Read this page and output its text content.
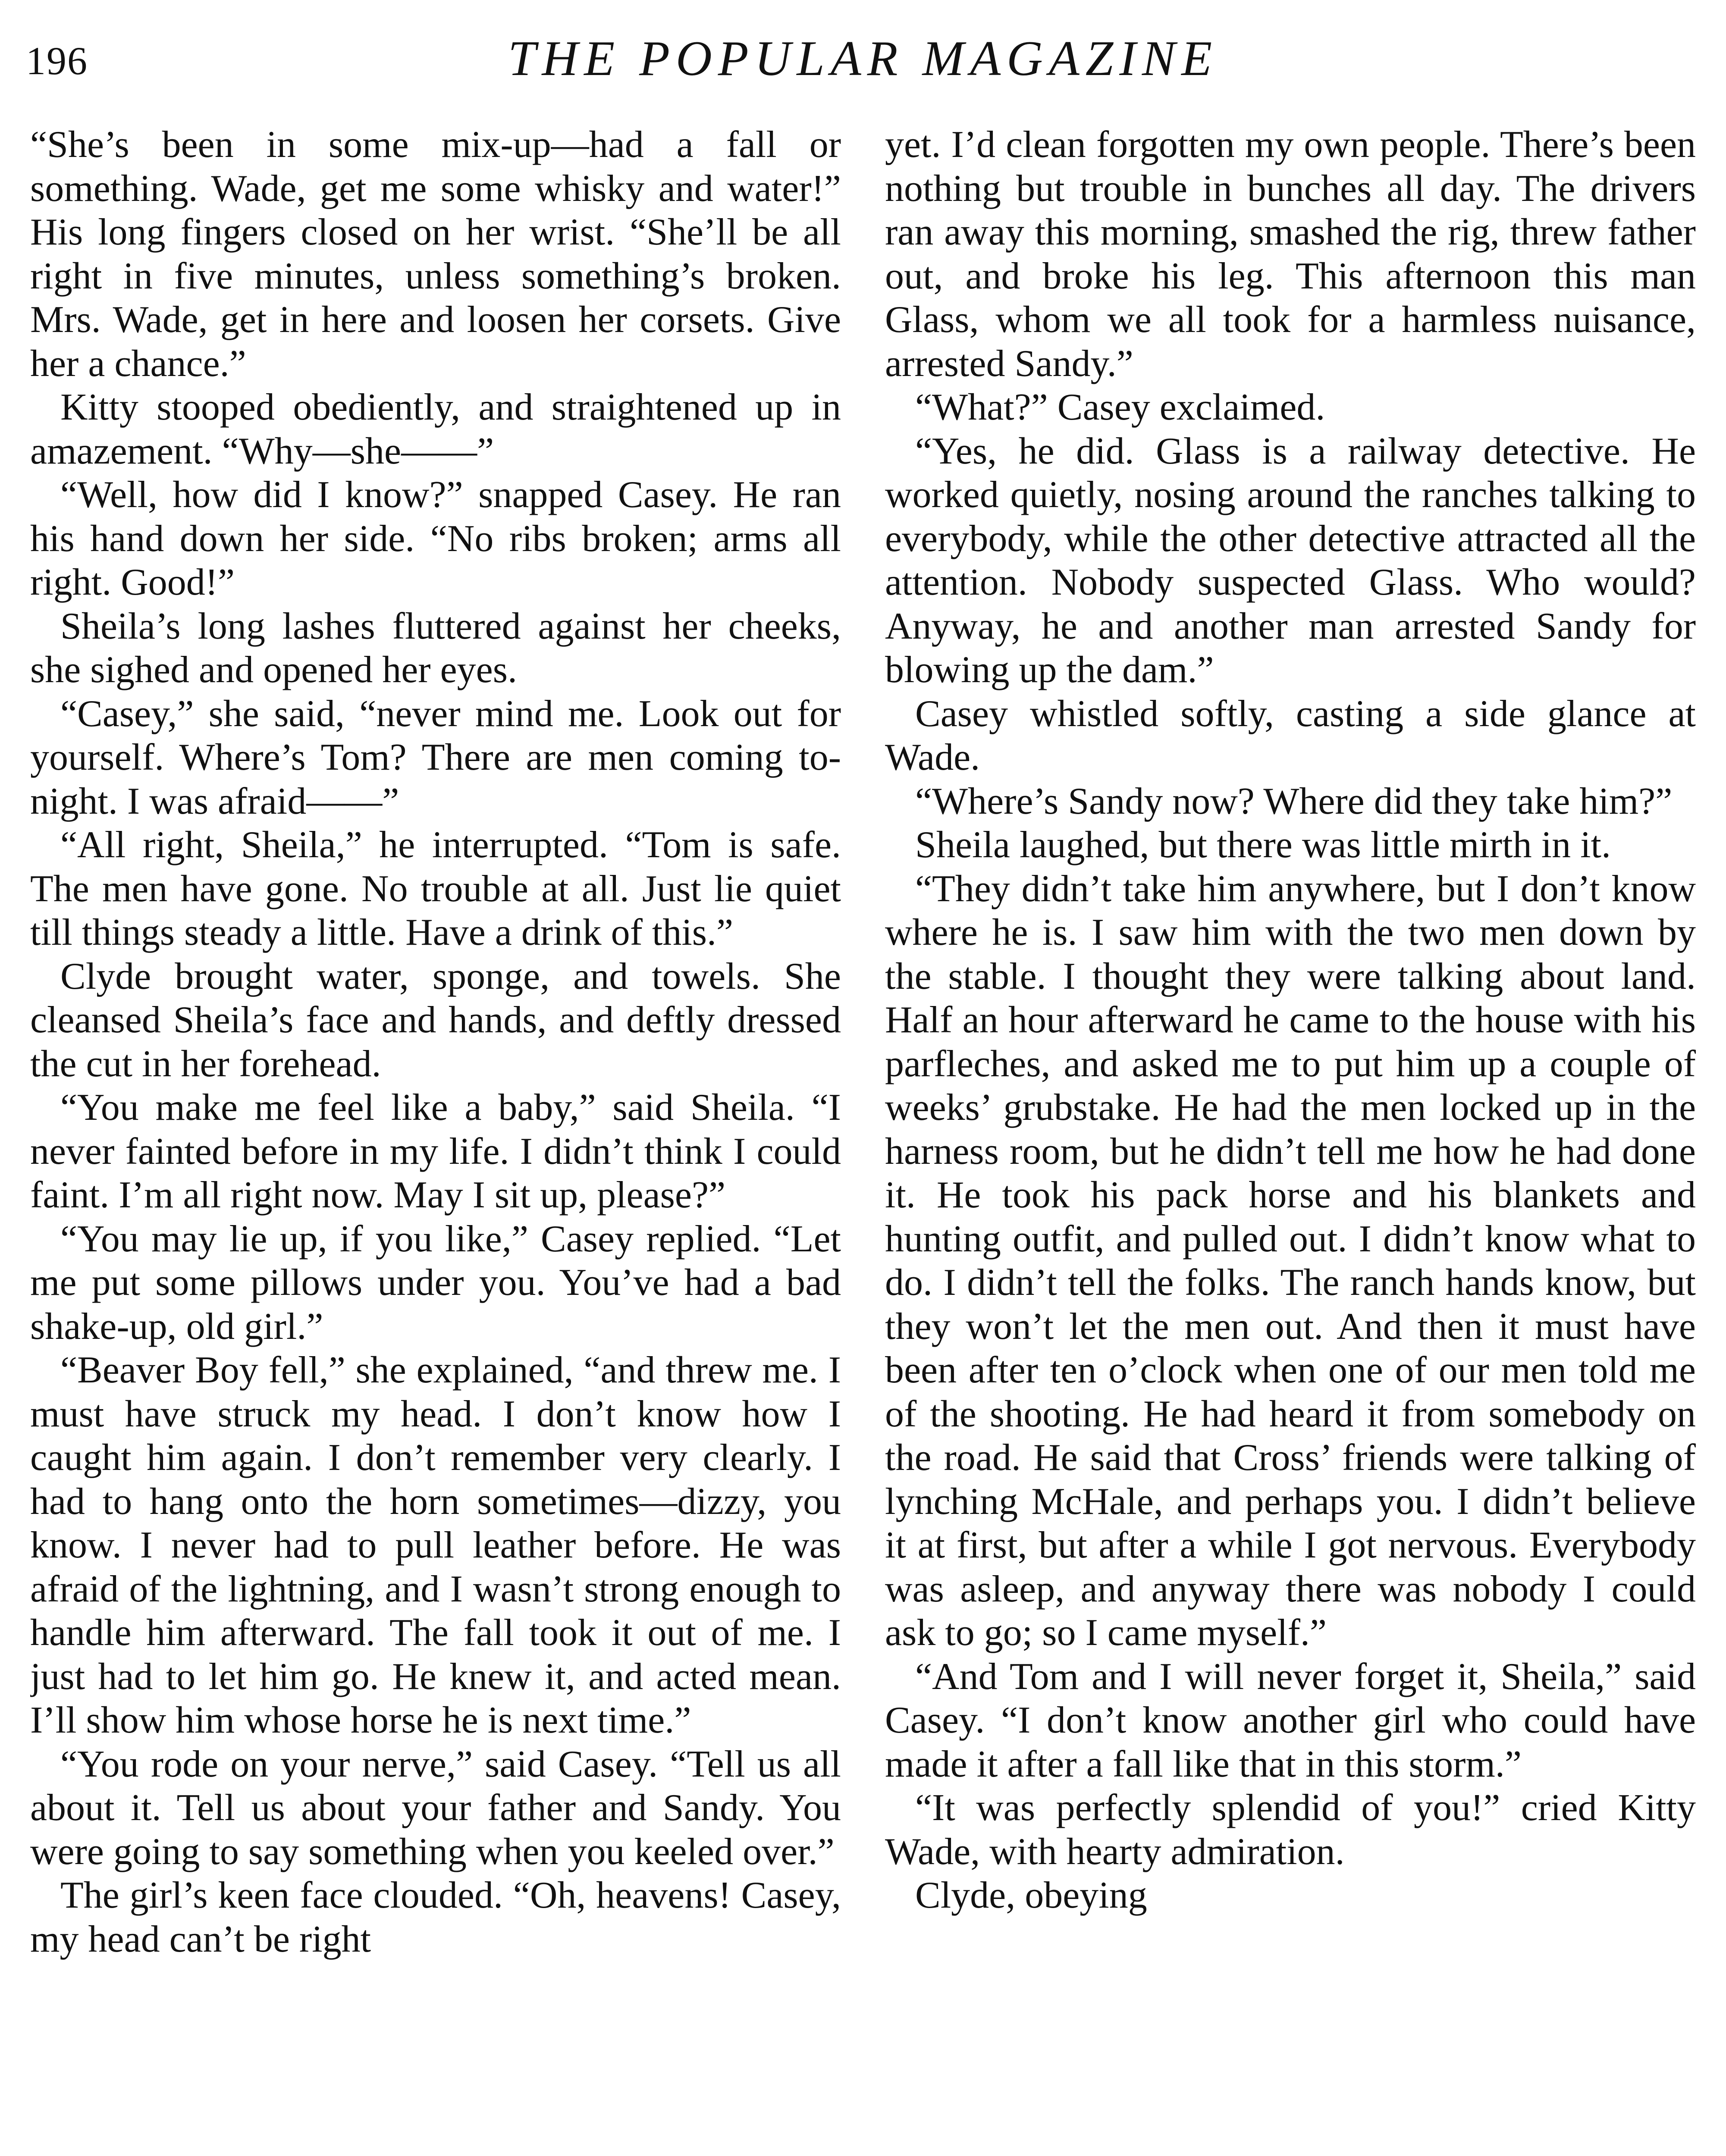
196	THE POPULAR MAGAZINE

“She’s been in some mix-up—had a fall or something. Wade, get me some whisky and water!” His long fingers closed on her wrist. “She’ll be all right in five minutes, unless something’s broken. Mrs. Wade, get in here and loosen her corsets. Give her a chance.”

Kitty stooped obediently, and straightened up in amazement. “Why—she——”

“Well, how did I know?” snapped Casey. He ran his hand down her side. “No ribs broken; arms all right. Good!”

Sheila’s long lashes fluttered against her cheeks, she sighed and opened her eyes.

“Casey,” she said, “never mind me. Look out for yourself. Where’s Tom? There are men coming to-night. I was afraid——”

“All right, Sheila,” he interrupted. “Tom is safe. The men have gone. No trouble at all. Just lie quiet till things steady a little. Have a drink of this.”

Clyde brought water, sponge, and towels. She cleansed Sheila’s face and hands, and deftly dressed the cut in her forehead.

“You make me feel like a baby,” said Sheila. “I never fainted before in my life. I didn’t think I could faint. I’m all right now. May I sit up, please?”

“You may lie up, if you like,” Casey replied. “Let me put some pillows under you. You’ve had a bad shake-up, old girl.”

“Beaver Boy fell,” she explained, “and threw me. I must have struck my head. I don’t know how I caught him again. I don’t remember very clearly. I had to hang onto the horn sometimes—dizzy, you know. I never had to pull leather before. He was afraid of the lightning, and I wasn’t strong enough to handle him afterward. The fall took it out of me. I just had to let him go. He knew it, and acted mean. I’ll show him whose horse he is next time.”

“You rode on your nerve,” said Casey. “Tell us all about it. Tell us about your father and Sandy. You were going to say something when you keeled over.”

The girl’s keen face clouded. “Oh, heavens! Casey, my head can’t be right

yet. I’d clean forgotten my own people. There’s been nothing but trouble in bunches all day. The drivers ran away this morning, smashed the rig, threw father out, and broke his leg. This afternoon this man Glass, whom we all took for a harmless nuisance, arrested Sandy.”

“What?” Casey exclaimed.

“Yes, he did. Glass is a railway detective. He worked quietly, nosing around the ranches talking to everybody, while the other detective attracted all the attention. Nobody suspected Glass. Who would? Anyway, he and another man arrested Sandy for blowing up the dam.”

Casey whistled softly, casting a side glance at Wade.

“Where’s Sandy now? Where did they take him?”

Sheila laughed, but there was little mirth in it.

“They didn’t take him anywhere, but I don’t know where he is. I saw him with the two men down by the stable. I thought they were talking about land. Half an hour afterward he came to the house with his parfleches, and asked me to put him up a couple of weeks’ grubstake. He had the men locked up in the harness room, but he didn’t tell me how he had done it. He took his pack horse and his blankets and hunting outfit, and pulled out. I didn’t know what to do. I didn’t tell the folks. The ranch hands know, but they won’t let the men out. And then it must have been after ten o’clock when one of our men told me of the shooting. He had heard it from somebody on the road. He said that Cross’ friends were talking of lynching McHale, and perhaps you. I didn’t believe it at first, but after a while I got nervous. Everybody was asleep, and anyway there was nobody I could ask to go; so I came myself.”

“And Tom and I will never forget it, Sheila,” said Casey. “I don’t know another girl who could have made it after a fall like that in this storm.”

“It was perfectly splendid of you!” cried Kitty Wade, with hearty admiration.

Clyde, obeying
